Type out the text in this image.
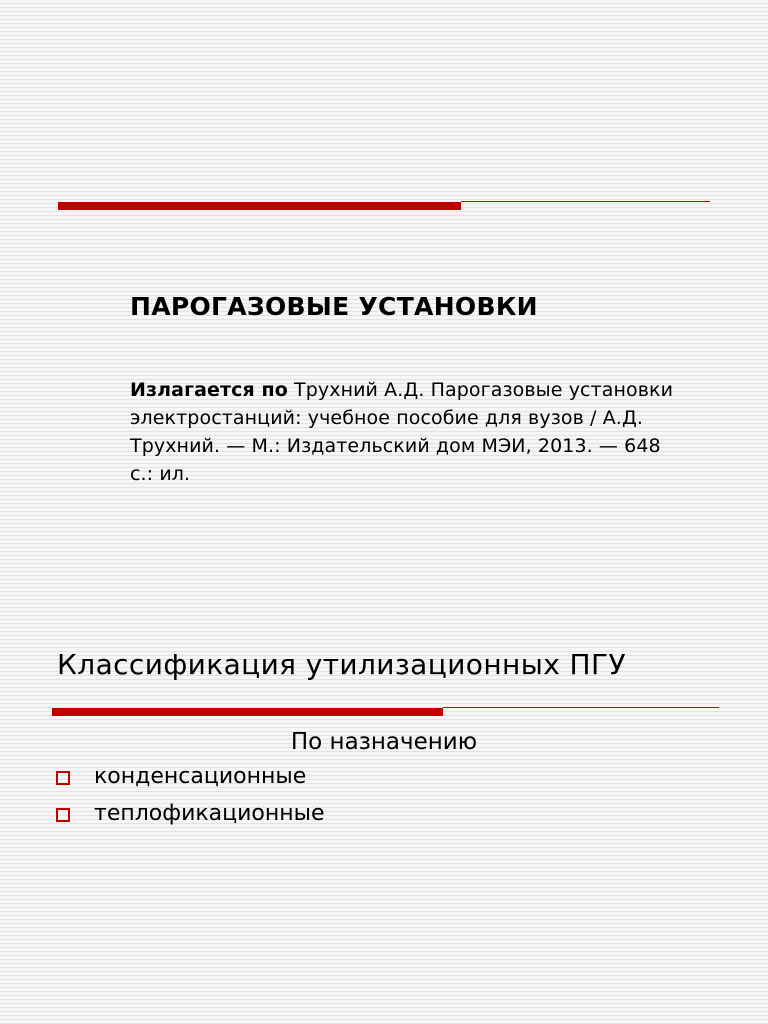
ПАРОГАЗОВЫЕ УСТАНОВКИ
Излагается по Трухний А.Д. Парогазовые установки электростанций: учебное пособие для вузов / А.Д. Трухний. — М.: Издательский дом МЭИ, 2013. — 648 с.: ил.
Классификация утилизационных ПГУ
По назначению
конденсационные
теплофикационные
